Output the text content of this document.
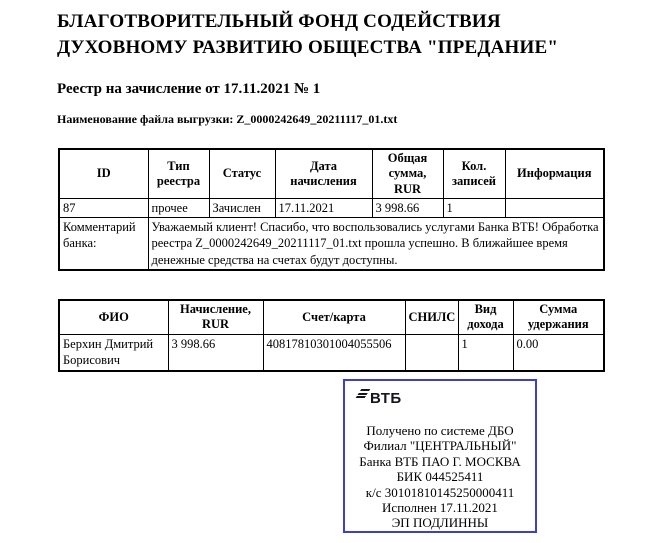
БЛАГОТВОРИТЕЛЬНЫЙ ФОНД СОДЕЙСТВИЯ
ДУХОВНОМУ РАЗВИТИЮ ОБЩЕСТВА "ПРЕДАНИЕ"
Реестр на зачисление от 17.11.2021 № 1
Наименование файла выгрузки: Z_0000242649_20211117_01.txt
ID	Тип реестра	Статус	Дата начисления	Общая сумма, RUR	Кол. записей	Информация
87	прочее	Зачислен	17.11.2021	3 998.66	1	
Комментарий банка:	Уважаемый клиент! Спасибо, что воспользовались услугами Банка ВТБ! Обработка реестра Z_0000242649_20211117_01.txt прошла успешно. В ближайшее время денежные средства на счетах будут доступны.					
ФИО	Начисление, RUR	Счет/карта	СНИЛС	Вид дохода	Сумма удержания
Берхин Дмитрий Борисович	3 998.66	40817810301004055506		1	0.00
ВТБ
Получено по системе ДБО
Филиал "ЦЕНТРАЛЬНЫЙ"
Банка ВТБ ПАО Г. МОСКВА
БИК 044525411
к/с 30101810145250000411
Исполнен 17.11.2021
ЭП ПОДЛИННЫ
